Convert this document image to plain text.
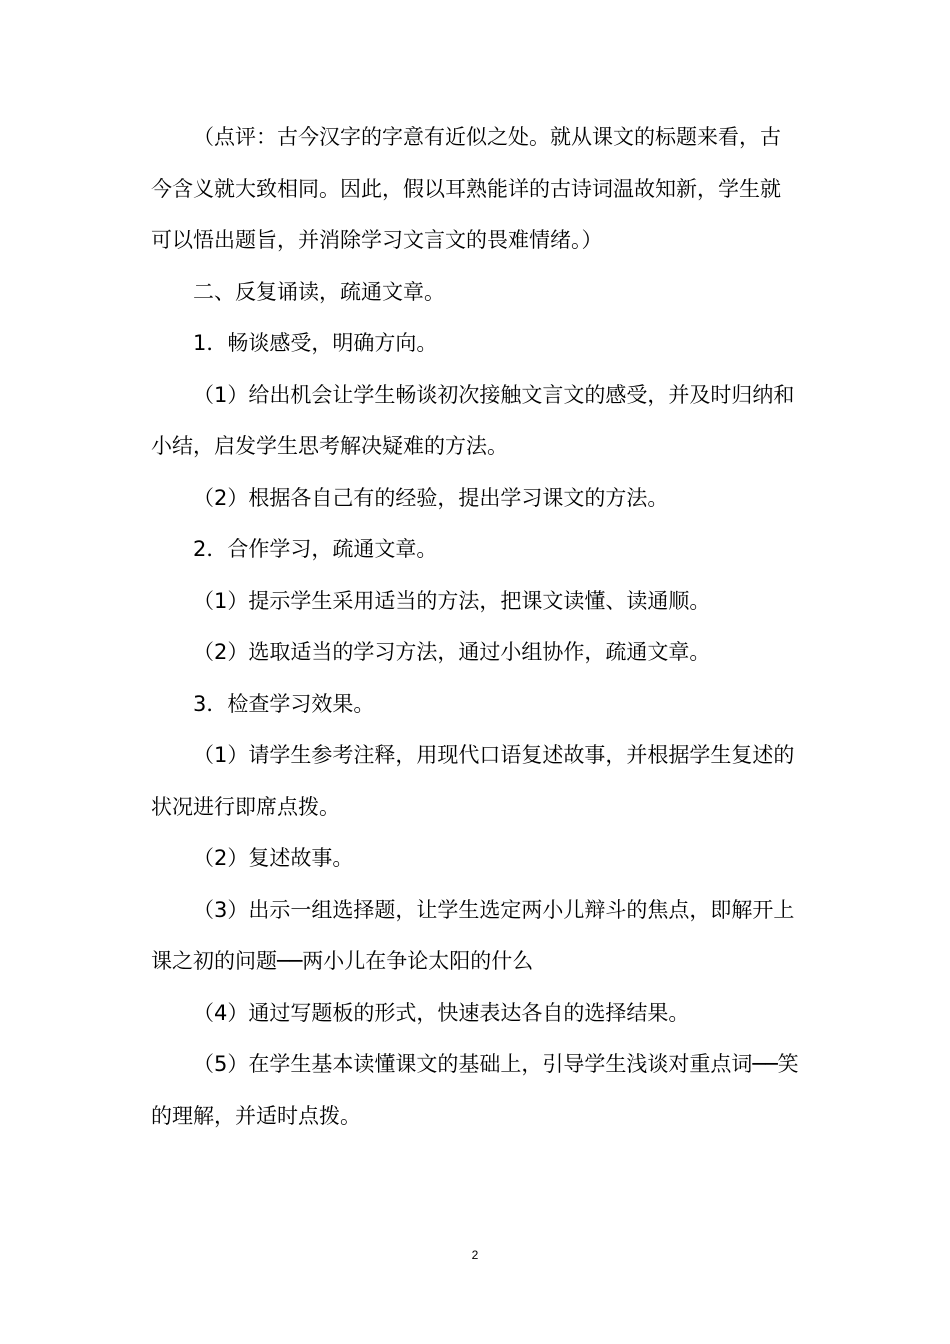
（点评：古今汉字的字意有近似之处。就从课文的标题来看，古今含义就大致相同。因此，假以耳熟能详的古诗词温故知新，学生就可以悟出题旨，并消除学习文言文的畏难情绪。）

二、反复诵读，疏通文章。

1．畅谈感受，明确方向。

（1）给出机会让学生畅谈初次接触文言文的感受，并及时归纳和小结，启发学生思考解决疑难的方法。

（2）根据各自己有的经验，提出学习课文的方法。

2．合作学习，疏通文章。

（1）提示学生采用适当的方法，把课文读懂、读通顺。

（2）选取适当的学习方法，通过小组协作，疏通文章。

3．检查学习效果。

（1）请学生参考注释，用现代口语复述故事，并根据学生复述的状况进行即席点拨。

（2）复述故事。

（3）出示一组选择题，让学生选定两小儿辩斗的焦点，即解开上课之初的问题──两小儿在争论太阳的什么

（4）通过写题板的形式，快速表达各自的选择结果。

（5）在学生基本读懂课文的基础上，引导学生浅谈对重点词──笑的理解，并适时点拨。

2
